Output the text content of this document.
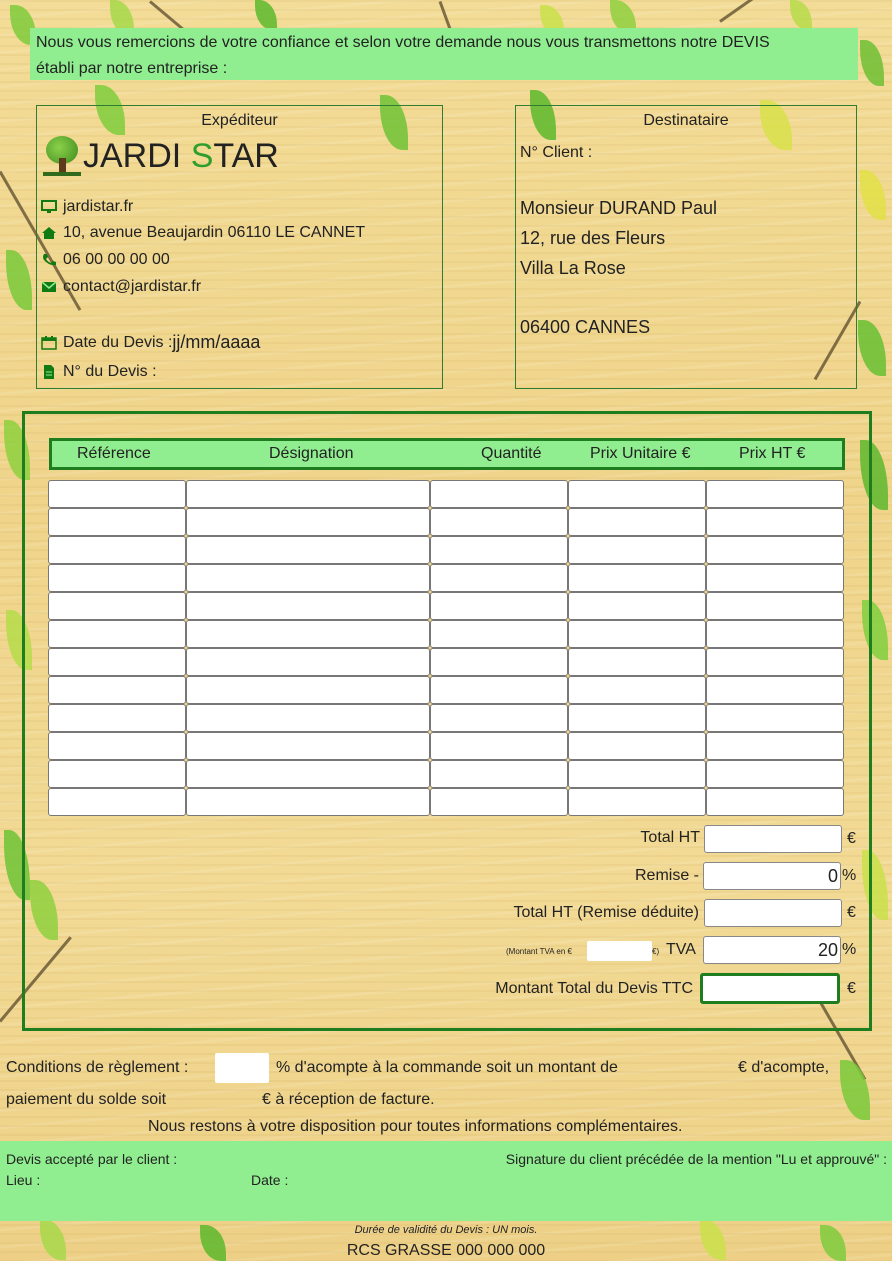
Nous vous remercions de votre confiance et selon votre demande nous vous transmettons notre DEVIS
établi par notre entreprise :
Expéditeur
JARDI STAR
jardistar.fr
10, avenue Beaujardin 06110 LE CANNET
06 00 00 00 00
contact@jardistar.fr
Date du Devis : jj/mm/aaaa
N° du Devis :
Destinataire
N° Client :
Monsieur DURAND Paul
12, rue des Fleurs
Villa La Rose
06400 CANNES
Référence	Désignation	Quantité	Prix Unitaire €	Prix HT €
Total HT	€
Remise -	0 %
Total HT (Remise déduite)	€
(Montant TVA en €	€) TVA	20 %
Montant Total du Devis TTC	€
Conditions de règlement :	% d'acompte à la commande soit un montant de	€ d'acompte,
paiement du solde soit	€ à réception de facture.
Nous restons à votre disposition pour toutes informations complémentaires.
Devis accepté par le client :	Signature du client précédée de la mention "Lu et approuvé" :
Lieu :	Date :
Durée de validité du Devis : UN mois.
RCS GRASSE 000 000 000
